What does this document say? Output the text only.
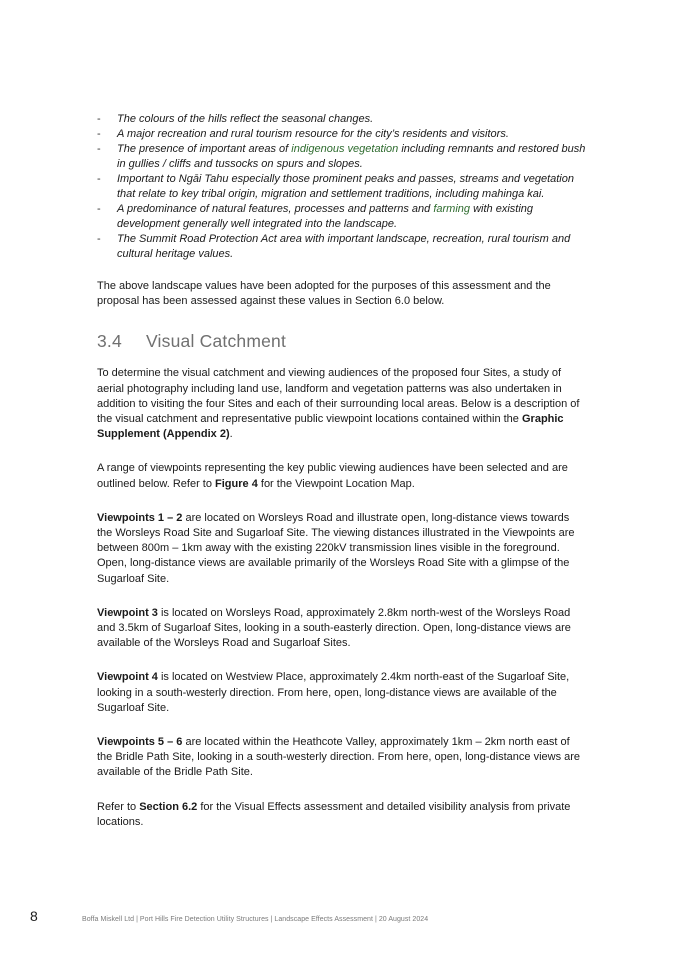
- The colours of the hills reflect the seasonal changes.
- A major recreation and rural tourism resource for the city’s residents and visitors.
- The presence of important areas of indigenous vegetation including remnants and restored bush in gullies / cliffs and tussocks on spurs and slopes.
- Important to Ngāi Tahu especially those prominent peaks and passes, streams and vegetation that relate to key tribal origin, migration and settlement traditions, including mahinga kai.
- A predominance of natural features, processes and patterns and farming with existing development generally well integrated into the landscape.
- The Summit Road Protection Act area with important landscape, recreation, rural tourism and cultural heritage values.

The above landscape values have been adopted for the purposes of this assessment and the proposal has been assessed against these values in Section 6.0 below.

3.4	Visual Catchment

To determine the visual catchment and viewing audiences of the proposed four Sites, a study of aerial photography including land use, landform and vegetation patterns was also undertaken in addition to visiting the four Sites and each of their surrounding local areas. Below is a description of the visual catchment and representative public viewpoint locations contained within the Graphic Supplement (Appendix 2).

A range of viewpoints representing the key public viewing audiences have been selected and are outlined below. Refer to Figure 4 for the Viewpoint Location Map.

Viewpoints 1 – 2 are located on Worsleys Road and illustrate open, long-distance views towards the Worsleys Road Site and Sugarloaf Site. The viewing distances illustrated in the Viewpoints are between 800m – 1km away with the existing 220kV transmission lines visible in the foreground. Open, long-distance views are available primarily of the Worsleys Road Site with a glimpse of the Sugarloaf Site.

Viewpoint 3 is located on Worsleys Road, approximately 2.8km north-west of the Worsleys Road and 3.5km of Sugarloaf Sites, looking in a south-easterly direction. Open, long-distance views are available of the Worsleys Road and Sugarloaf Sites.

Viewpoint 4 is located on Westview Place, approximately 2.4km north-east of the Sugarloaf Site, looking in a south-westerly direction. From here, open, long-distance views are available of the Sugarloaf Site.

Viewpoints 5 – 6 are located within the Heathcote Valley, approximately 1km – 2km north east of the Bridle Path Site, looking in a south-westerly direction. From here, open, long-distance views are available of the Bridle Path Site.

Refer to Section 6.2 for the Visual Effects assessment and detailed visibility analysis from private locations.

8	Boffa Miskell Ltd | Port Hills Fire Detection Utility Structures | Landscape Effects Assessment | 20 August 2024
